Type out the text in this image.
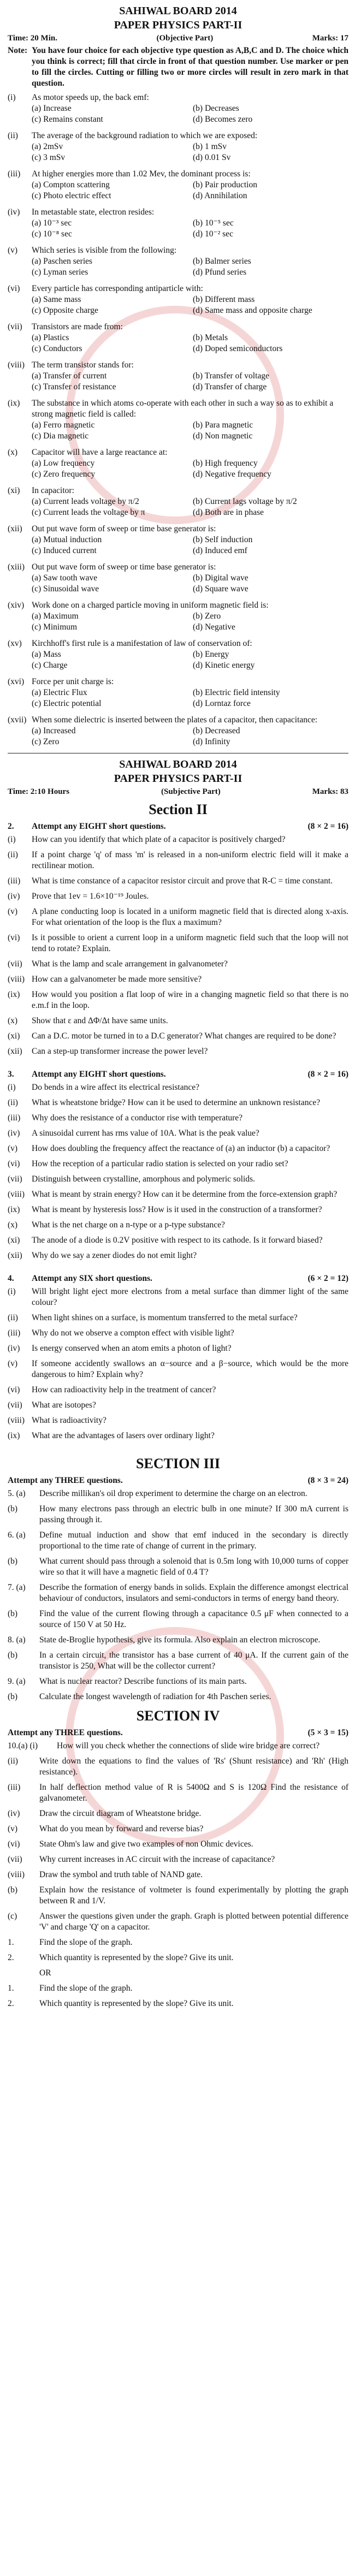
SAHIWAL BOARD 2014
PAPER PHYSICS PART-II
Time: 20 Min.	(Objective Part)	Marks: 17
Note: You have four choice for each objective type question as A,B,C and D. The choice which you think is correct; fill that circle in front of that question number. Use marker or pen to fill the circles. Cutting or filling two or more circles will result in zero mark in that question.
(i)	As motor speeds up, the back emf:
(a) Increase	(b) Decreases
(c) Remains constant	(d) Becomes zero
(ii)	The average of the background radiation to which we are exposed:
(a) 2mSv	(b) 1 mSv
(c) 3 mSv	(d) 0.01 Sv
(iii)	At higher energies more than 1.02 Mev, the dominant process is:
(a) Compton scattering	(b) Pair production
(c) Photo electric effect	(d) Annihilation
(iv)	In metastable state, electron resides:
(a) 10⁻³ sec	(b) 10⁻⁵ sec
(c) 10⁻⁸ sec	(d) 10⁻² sec
(v)	Which series is visible from the following:
(a) Paschen series	(b) Balmer series
(c) Lyman series	(d) Pfund series
(vi)	Every particle has corresponding antiparticle with:
(a) Same mass	(b) Different mass
(c) Opposite charge	(d) Same mass and opposite charge
(vii)	Transistors are made from:
(a) Plastics	(b) Metals
(c) Conductors	(d) Doped semiconductors
(viii) The term transistor stands for:
(a) Transfer of current	(b) Transfer of voltage
(c) Transfer of resistance	(d) Transfer of charge
(ix)	The substance in which atoms co-operate with each other in such a way so as to exhibit a strong magnetic field is called:
(a) Ferro magnetic	(b) Para magnetic
(c) Dia magnetic	(d) Non magnetic
(x)	Capacitor will have a large reactance at:
(a) Low frequency	(b) High frequency
(c) Zero frequency	(d) Negative frequency
(xi)	In capacitor:
(a) Current leads voltage by π/2	(b) Current lags voltage by π/2
(c) Current leads the voltage by π	(d) Both are in phase
(xii)	Out put wave form of sweep or time base generator is:
(a) Mutual induction	(b) Self induction
(c) Induced current	(d) Induced emf
(xiii) Out put wave form of sweep or time base generator is:
(a) Saw tooth wave	(b) Digital wave
(c) Sinusoidal wave	(d) Square wave
(xiv) Work done on a charged particle moving in uniform magnetic field is:
(a) Maximum	(b) Zero
(c) Minimum	(d) Negative
(xv)	Kirchhoff's first rule is a manifestation of law of conservation of:
(a) Mass	(b) Energy
(c) Charge	(d) Kinetic energy
(xvi) Force per unit charge is:
(a) Electric Flux	(b) Electric field intensity
(c) Electric potential	(d) Lorntaz force
(xvii) When some dielectric is inserted between the plates of a capacitor, then capacitance:
(a) Increased	(b) Decreased
(c) Zero	(d) Infinity
SAHIWAL BOARD 2014
PAPER PHYSICS PART-II
Time: 2:10 Hours	(Subjective Part)	Marks: 83
Section II
2.	Attempt any EIGHT short questions.	(8 × 2 = 16)
(i)	How can you identify that which plate of a capacitor is positively charged?
(ii)	If a point charge 'q' of mass 'm' is released in a non-uniform electric field will it make a rectilinear motion.
(iii)	What is time constance of a capacitor resistor circuit and prove that R-C = time constant.
(iv)	Prove that 1ev = 1.6×10⁻¹⁹ Joules.
(v)	A plane conducting loop is located in a uniform magnetic field that is directed along x-axis. For what orientation of the loop is the flux a maximum?
(vi)	Is it possible to orient a current loop in a uniform magnetic field such that the loop will not tend to rotate? Explain.
(vii)	What is the lamp and scale arrangement in galvanometer?
(viii) How can a galvanometer be made more sensitive?
(ix)	How would you position a flat loop of wire in a changing magnetic field so that there is no e.m.f in the loop.
(x)	Show that ε and ΔΦ/Δt have same units.
(xi)	Can a D.C. motor be turned in to a D.C generator? What changes are required to be done?
(xii)	Can a step-up transformer increase the power level?
3.	Attempt any EIGHT short questions.	(8 × 2 = 16)
(i)	Do bends in a wire affect its electrical resistance?
(ii)	What is wheatstone bridge? How can it be used to determine an unknown resistance?
(iii)	Why does the resistance of a conductor rise with temperature?
(iv)	A sinusoidal current has rms value of 10A. What is the peak value?
(v)	How does doubling the frequency affect the reactance of (a) an inductor (b) a capacitor?
(vi)	How the reception of a particular radio station is selected on your radio set?
(vii)	Distinguish between crystalline, amorphous and polymeric solids.
(viii) What is meant by strain energy? How can it be determine from the force-extension graph?
(ix)	What is meant by hysteresis loss? How is it used in the construction of a transformer?
(x)	What is the net charge on a n-type or a p-type substance?
(xi)	The anode of a diode is 0.2V positive with respect to its cathode. Is it forward biased?
(xii)	Why do we say a zener diodes do not emit light?
4.	Attempt any SIX short questions.	(6 × 2 = 12)
(i)	Will bright light eject more electrons from a metal surface than dimmer light of the same colour?
(ii)	When light shines on a surface, is momentum transferred to the metal surface?
(iii)	Why do not we observe a compton effect with visible light?
(iv)	Is energy conserved when an atom emits a photon of light?
(v)	If someone accidently swallows an α−source and a β−source, which would be the more dangerous to him? Explain why?
(vi)	How can radioactivity help in the treatment of cancer?
(vii)	What are isotopes?
(viii) What is radioactivity?
(ix)	What are the advantages of lasers over ordinary light?
SECTION III
Attempt any THREE questions.	(8 × 3 = 24)
5. (a)	Describe millikan's oil drop experiment to determine the charge on an electron.
(b)	How many electrons pass through an electric bulb in one minute? If 300 mA current is passing through it.
6. (a)	Define mutual induction and show that emf induced in the secondary is directly proportional to the time rate of change of current in the primary.
(b)	What current should pass through a solenoid that is 0.5m long with 10,000 turns of copper wire so that it will have a magnetic field of 0.4 T?
7. (a)	Describe the formation of energy bands in solids. Explain the difference amongst electrical behaviour of conductors, insulators and semi-conductors in terms of energy band theory.
(b)	Find the value of the current flowing through a capacitance 0.5 μF when connected to a source of 150 V at 50 Hz.
8. (a)	State de-Broglie hypothesis, give its formula. Also explain an electron microscope.
(b)	In a certain circuit, the transistor has a base current of 40 μA. If the current gain of the transistor is 250, What will be the collector current?
9. (a)	What is nuclear reactor? Describe functions of its main parts.
(b)	Calculate the longest wavelength of radiation for 4th Paschen series.
SECTION IV
Attempt any THREE questions.	(5 × 3 = 15)
10.(a) (i)	How will you check whether the connections of slide wire bridge are correct?
(ii)	Write down the equations to find the values of 'Rs' (Shunt resistance) and 'Rh' (High resistance).
(iii)	In half deflection method value of R is 5400Ω and S is 120Ω Find the resistance of galvanometer.
(iv)	Draw the circuit diagram of Wheatstone bridge.
(v)	What do you mean by forward and reverse bias?
(vi)	State Ohm's law and give two examples of non Ohmic devices.
(vii)	Why current increases in AC circuit with the increase of capacitance?
(viii)	Draw the symbol and truth table of NAND gate.
(b)	Explain how the resistance of voltmeter is found experimentally by plotting the graph between R and 1/V.
(c)	Answer the questions given under the graph. Graph is plotted between potential difference 'V' and charge 'Q' on a capacitor.
1.	Find the slope of the graph.
2.	Which quantity is represented by the slope? Give its unit.
OR
1.	Find the slope of the graph.
2.	Which quantity is represented by the slope? Give its unit.
